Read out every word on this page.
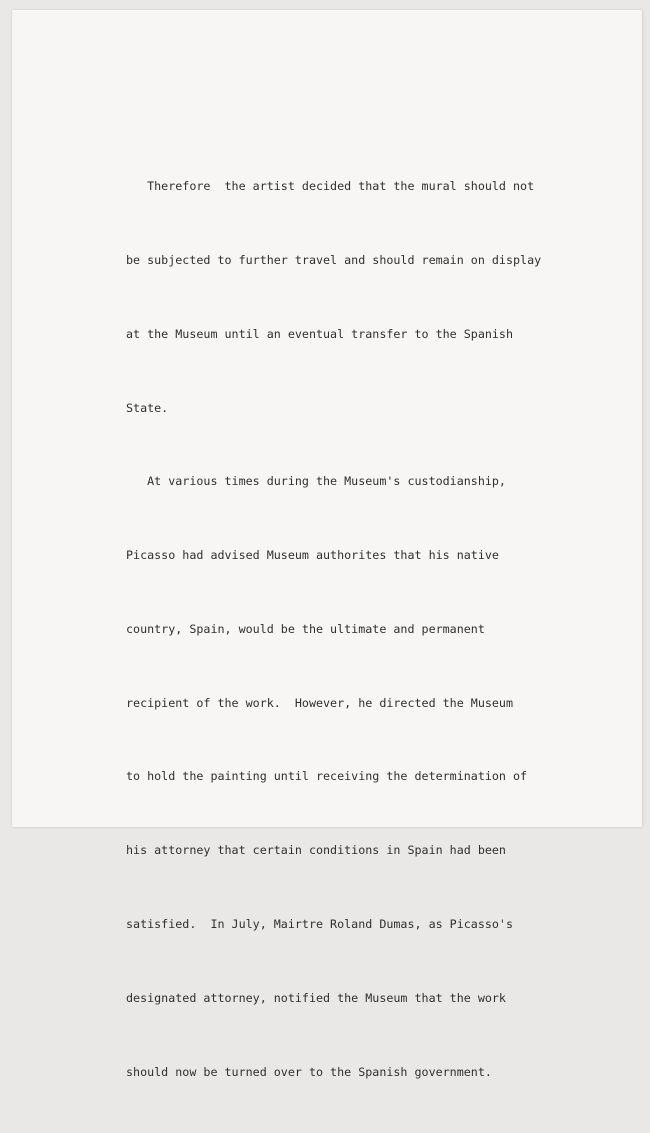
Therefore  the artist decided that the mural should not

be subjected to further travel and should remain on display

at the Museum until an eventual transfer to the Spanish

State.

At various times during the Museum's custodianship,

Picasso had advised Museum authorites that his native

country, Spain, would be the ultimate and permanent

recipient of the work.  However, he directed the Museum

to hold the painting until receiving the determination of

his attorney that certain conditions in Spain had been

satisfied.  In July, Mairtre Roland Dumas, as Picasso's

designated attorney, notified the Museum that the work

should now be turned over to the Spanish government.
